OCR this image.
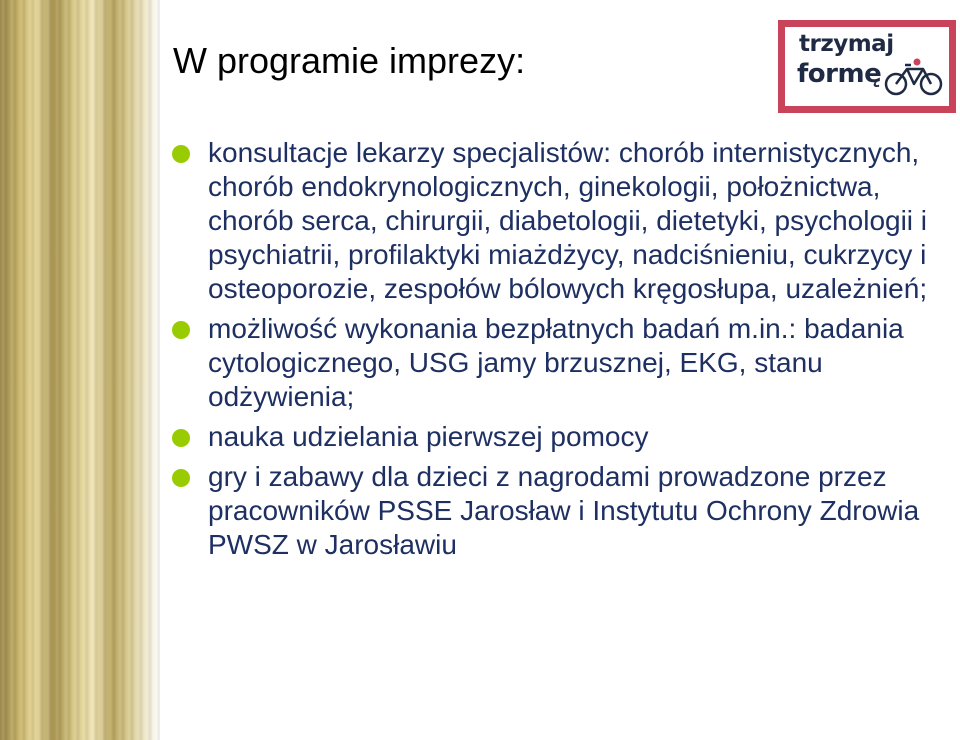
W programie imprezy:	trzymaj
formę
konsultacje lekarzy specjalistów: chorób internistycznych, chorób endokrynologicznych, ginekologii, położnictwa, chorób serca, chirurgii, diabetologii, dietetyki, psychologii i psychiatrii, profilaktyki miażdżycy, nadciśnieniu, cukrzycy i osteoporozie, zespołów bólowych kręgosłupa, uzależnień;
możliwość wykonania bezpłatnych badań m.in.: badania cytologicznego, USG jamy brzusznej, EKG, stanu odżywienia;
nauka udzielania pierwszej pomocy
gry i zabawy dla dzieci z nagrodami prowadzone przez pracowników PSSE Jarosław i Instytutu Ochrony Zdrowia PWSZ w Jarosławiu
